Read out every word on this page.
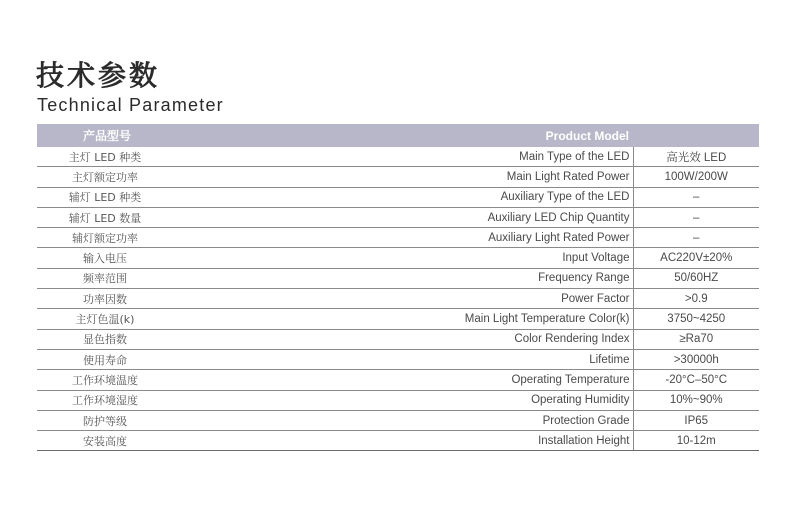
技术参数
Technical Parameter
产品型号	Product Model	
主灯 LED 种类	Main Type of the LED	高光效 LED
主灯额定功率	Main Light Rated Power	100W/200W
辅灯 LED 种类	Auxiliary Type of the LED	–
辅灯 LED 数量	Auxiliary LED Chip Quantity	–
辅灯额定功率	Auxiliary Light Rated Power	–
输入电压	Input Voltage	AC220V±20%
频率范围	Frequency Range	50/60HZ
功率因数	Power Factor	>0.9
主灯色温(k)	Main Light Temperature Color(k)	3750~4250
显色指数	Color Rendering Index	≥Ra70
使用寿命	Lifetime	>30000h
工作环境温度	Operating Temperature	-20°C–50°C
工作环境湿度	Operating Humidity	10%~90%
防护等级	Protection Grade	IP65
安装高度	Installation Height	10-12m
